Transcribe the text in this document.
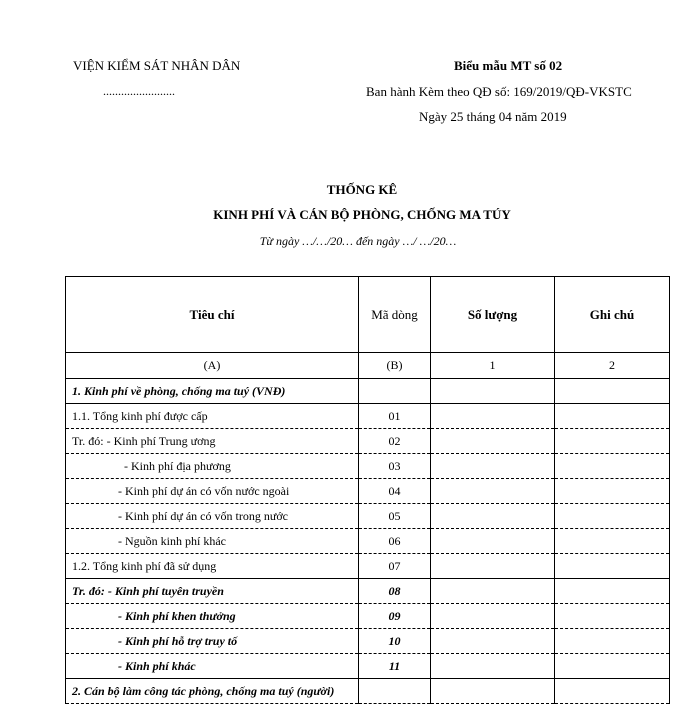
VIỆN KIỂM SÁT NHÂN DÂN
........................
Biểu mẫu MT số 02
Ban hành Kèm theo QĐ số: 169/2019/QĐ-VKSTC
Ngày 25 tháng 04 năm 2019
THỐNG KÊ
KINH PHÍ VÀ CÁN BỘ PHÒNG, CHỐNG MA TÚY
Từ ngày …/…/20… đến ngày …/ …/20…
Tiêu chí	Mã dòng	Số lượng	Ghi chú
(A)	(B)	1	2
1. Kinh phí về phòng, chống ma tuý (VNĐ)			
1.1. Tổng kinh phí được cấp	01		
Tr. đó: - Kinh phí Trung ương	02		
- Kinh phí địa phương	03		
- Kinh phí dự án có vốn nước ngoài	04		
- Kinh phí dự án có vốn trong nước	05		
- Nguồn kinh phí khác	06		
1.2. Tổng kinh phí đã sử dụng	07		
Tr. đó: - Kinh phí tuyên truyền	08		
- Kinh phí khen thưởng	09		
- Kinh phí hỗ trợ truy tố	10		
- Kinh phí khác	11		
2. Cán bộ làm công tác phòng, chống ma tuý (người)			
